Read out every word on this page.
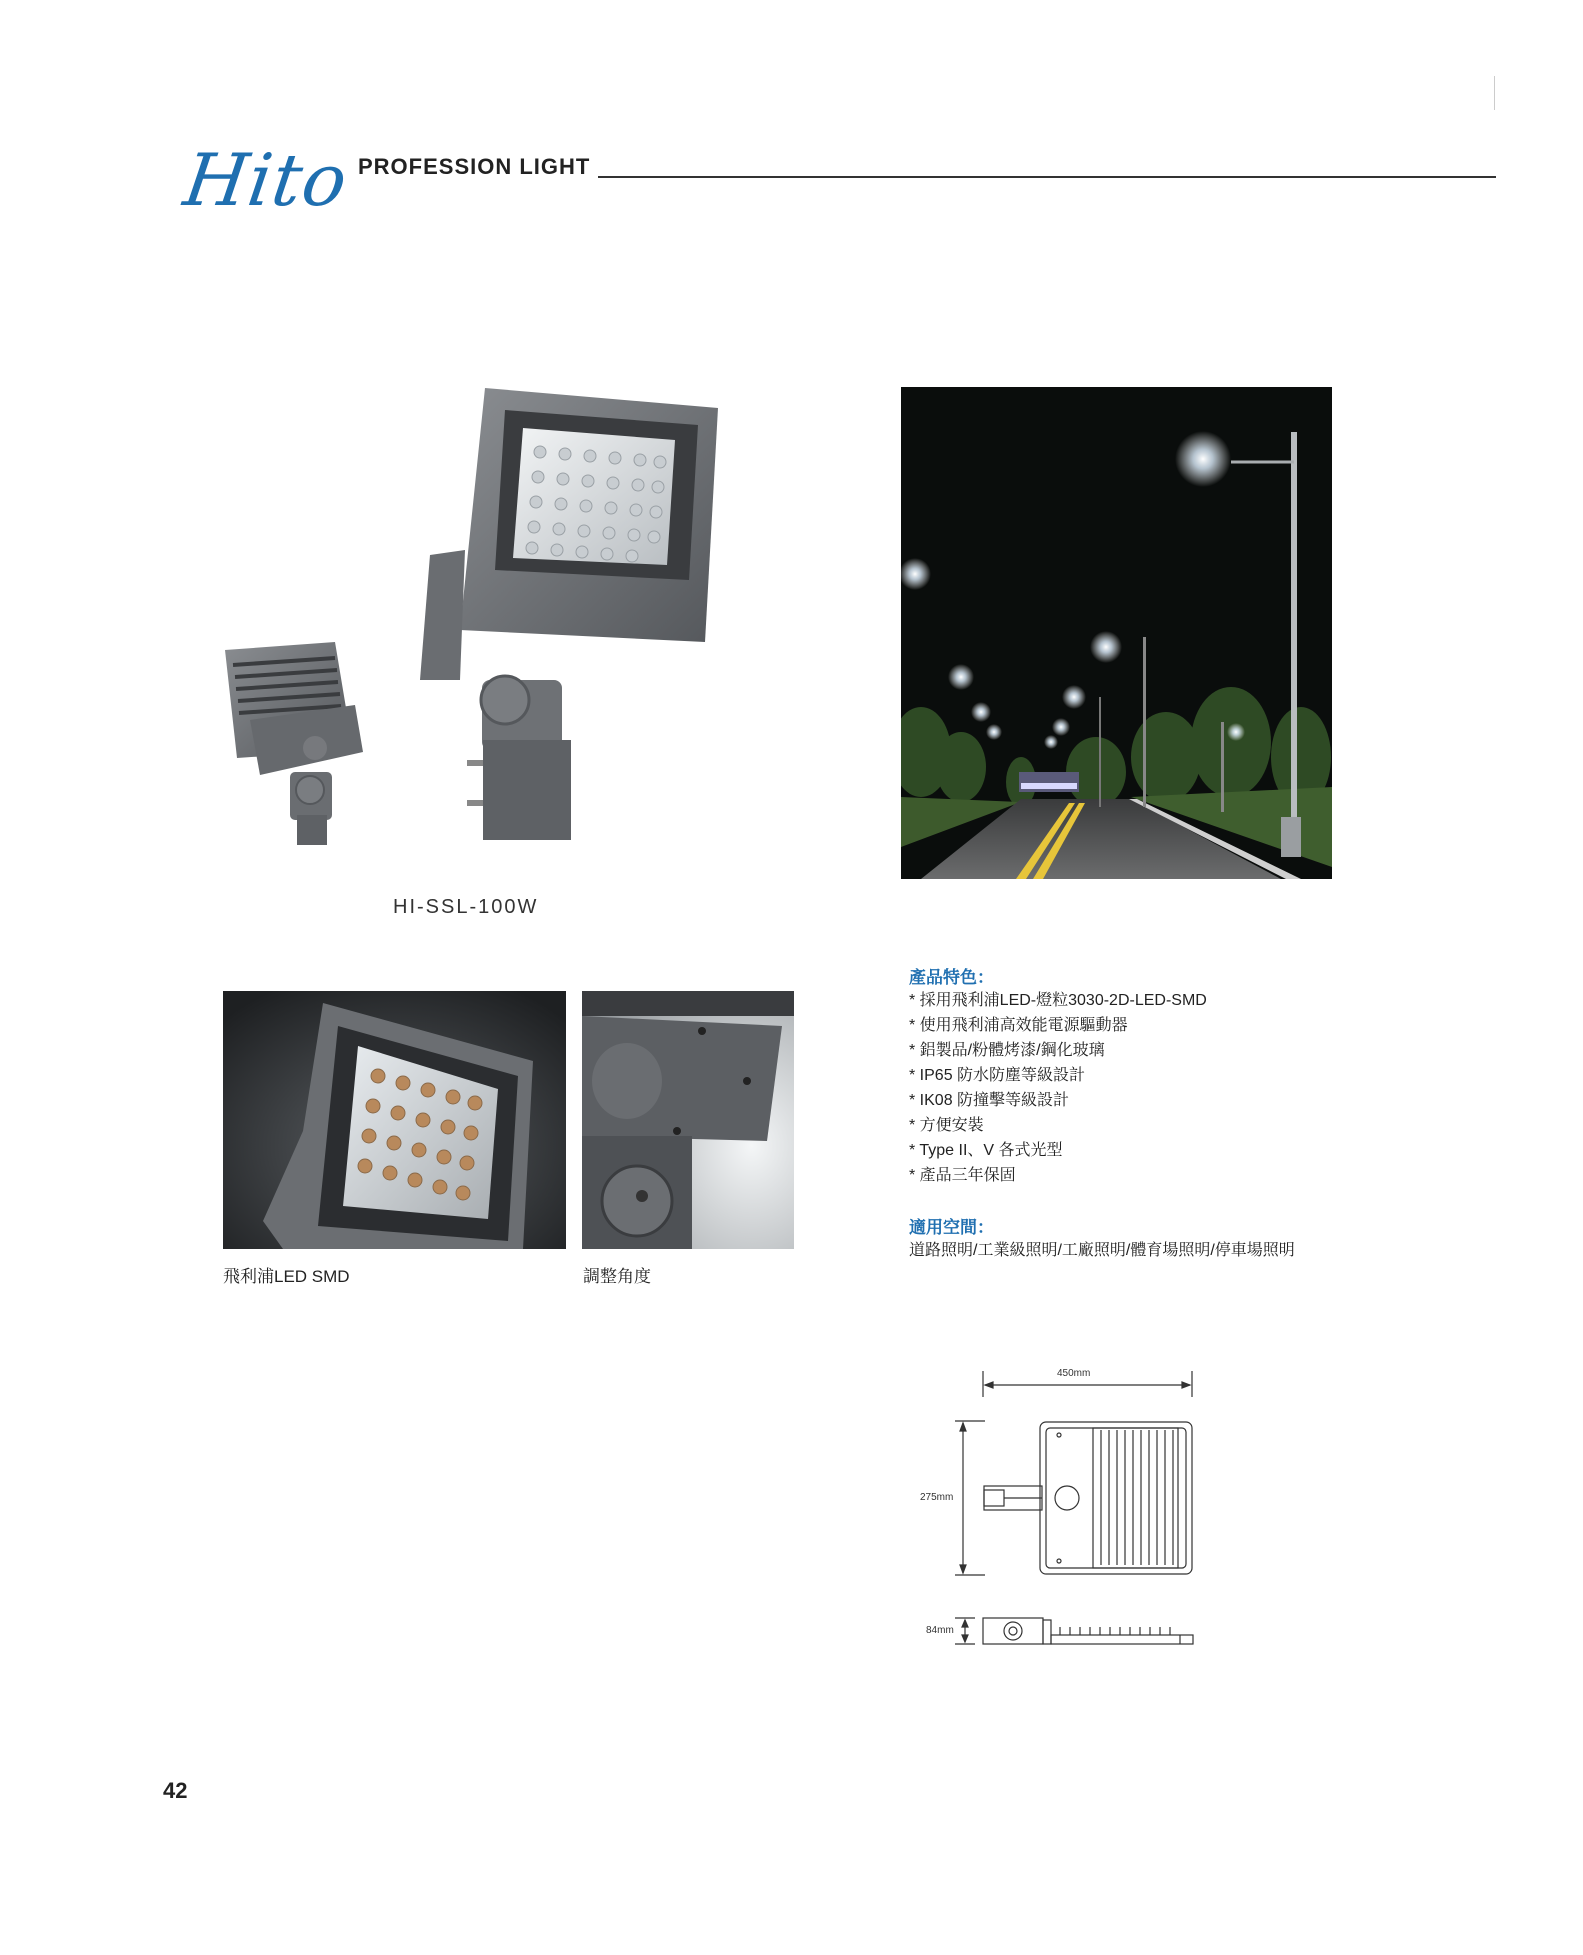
Hito PROFESSION LIGHT
HI-SSL-100W
飛利浦LED SMD	調整角度
產品特色：
* 採用飛利浦LED-燈粒3030-2D-LED-SMD
* 使用飛利浦高效能電源驅動器
* 鋁製品/粉體烤漆/鋼化玻璃
* IP65 防水防塵等級設計
* IK08 防撞擊等級設計
* 方便安裝
* Type II、V 各式光型
* 產品三年保固
適用空間：
道路照明/工業級照明/工廠照明/體育場照明/停車場照明
450mm
275mm
84mm
42
